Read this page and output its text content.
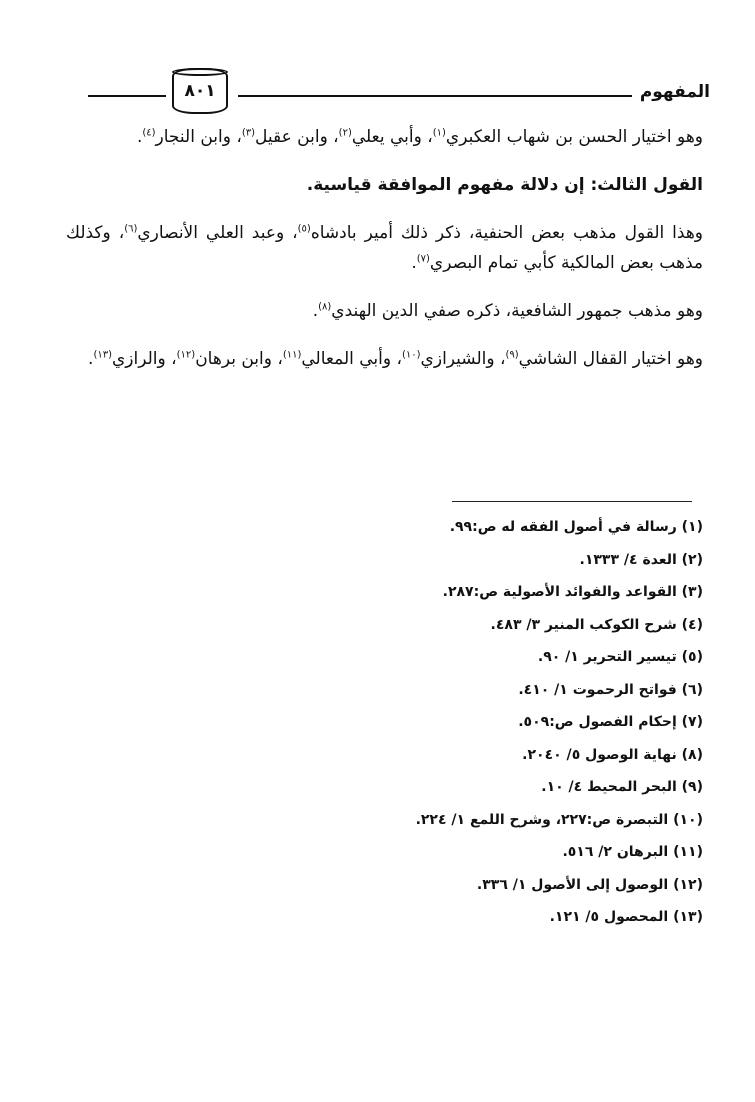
المفهوم
٨٠١

وهو اختيار الحسن بن شهاب العكبري$^{(١)}$، وأبي يعلي$^{(٢)}$، وابن عقيل$^{(٣)}$، وابن النجار$^{(٤)}$.

القول الثالث: إن دلالة مفهوم الموافقة قياسية.

وهذا القول مذهب بعض الحنفية، ذكر ذلك أمير بادشاه$^{(٥)}$، وعبد العلي الأنصاري$^{(٦)}$، وكذلك مذهب بعض المالكية كأبي تمام البصري$^{(٧)}$.

وهو مذهب جمهور الشافعية، ذكره صفي الدين الهندي$^{(٨)}$.

وهو اختيار القفال الشاشي$^{(٩)}$، والشيرازي$^{(١٠)}$، وأبي المعالي$^{(١١)}$، وابن برهان$^{(١٢)}$، والرازي$^{(١٣)}$.

(١) رسالة في أصول الفقه له ص:٩٩.
(٢) العدة ٤/ ١٣٣٣.
(٣) القواعد والفوائد الأصولية ص:٢٨٧.
(٤) شرح الكوكب المنير ٣/ ٤٨٣.
(٥) تيسير التحرير ١/ ٩٠.
(٦) فواتح الرحموت ١/ ٤١٠.
(٧) إحكام الفصول ص:٥٠٩.
(٨) نهاية الوصول ٥/ ٢٠٤٠.
(٩) البحر المحيط ٤/ ١٠.
(١٠) التبصرة ص:٢٢٧، وشرح اللمع ١/ ٢٢٤.
(١١) البرهان ٢/ ٥١٦.
(١٢) الوصول إلى الأصول ١/ ٣٣٦.
(١٣) المحصول ٥/ ١٢١.
